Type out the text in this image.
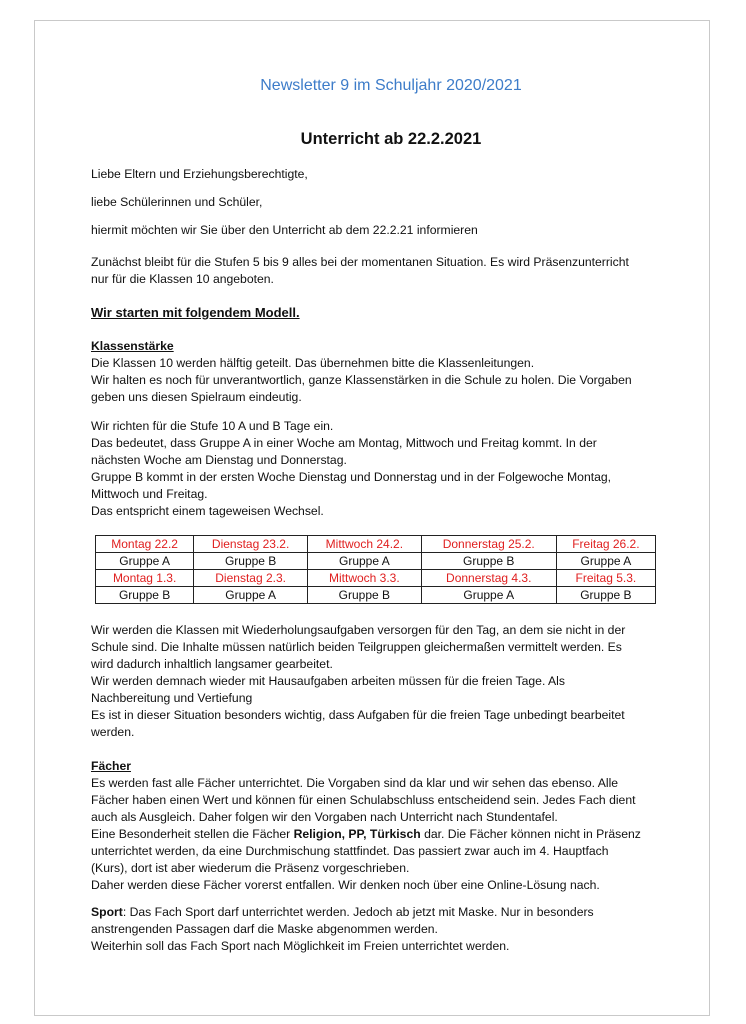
Newsletter 9 im Schuljahr 2020/2021
Unterricht ab 22.2.2021

Liebe Eltern und Erziehungsberechtigte,

liebe Schülerinnen und Schüler,

hiermit möchten wir Sie über den Unterricht ab dem 22.2.21 informieren

Zunächst bleibt für die Stufen 5 bis 9 alles bei der momentanen Situation. Es wird Präsenzunterricht
nur für die Klassen 10 angeboten.

Wir starten mit folgendem Modell.

Klassenstärke
Die Klassen 10 werden hälftig geteilt. Das übernehmen bitte die Klassenleitungen.
Wir halten es noch für unverantwortlich, ganze Klassenstärken in die Schule zu holen. Die Vorgaben
geben uns diesen Spielraum eindeutig.

Wir richten für die Stufe 10 A und B Tage ein.
Das bedeutet, dass Gruppe A in einer Woche am Montag, Mittwoch und Freitag kommt. In der
nächsten Woche am Dienstag und Donnerstag.
Gruppe B kommt in der ersten Woche Dienstag und Donnerstag und in der Folgewoche Montag,
Mittwoch und Freitag.
Das entspricht einem tageweisen Wechsel.

Montag 22.2	Dienstag 23.2.	Mittwoch 24.2.	Donnerstag 25.2.	Freitag 26.2.
Gruppe A	Gruppe B	Gruppe A	Gruppe B	Gruppe A
Montag 1.3.	Dienstag 2.3.	Mittwoch 3.3.	Donnerstag 4.3.	Freitag 5.3.
Gruppe B	Gruppe A	Gruppe B	Gruppe A	Gruppe B

Wir werden die Klassen mit Wiederholungsaufgaben versorgen für den Tag, an dem sie nicht in der
Schule sind. Die Inhalte müssen natürlich beiden Teilgruppen gleichermaßen vermittelt werden. Es
wird dadurch inhaltlich langsamer gearbeitet.
Wir werden demnach wieder mit Hausaufgaben arbeiten müssen für die freien Tage. Als
Nachbereitung und Vertiefung
Es ist in dieser Situation besonders wichtig, dass Aufgaben für die freien Tage unbedingt bearbeitet
werden.

Fächer
Es werden fast alle Fächer unterrichtet. Die Vorgaben sind da klar und wir sehen das ebenso. Alle
Fächer haben einen Wert und können für einen Schulabschluss entscheidend sein. Jedes Fach dient
auch als Ausgleich. Daher folgen wir den Vorgaben nach Unterricht nach Stundentafel.
Eine Besonderheit stellen die Fächer Religion, PP, Türkisch dar. Die Fächer können nicht in Präsenz
unterrichtet werden, da eine Durchmischung stattfindet. Das passiert zwar auch im 4. Hauptfach
(Kurs), dort ist aber wiederum die Präsenz vorgeschrieben.
Daher werden diese Fächer vorerst entfallen. Wir denken noch über eine Online-Lösung nach.

Sport: Das Fach Sport darf unterrichtet werden. Jedoch ab jetzt mit Maske. Nur in besonders
anstrengenden Passagen darf die Maske abgenommen werden.
Weiterhin soll das Fach Sport nach Möglichkeit im Freien unterrichtet werden.
